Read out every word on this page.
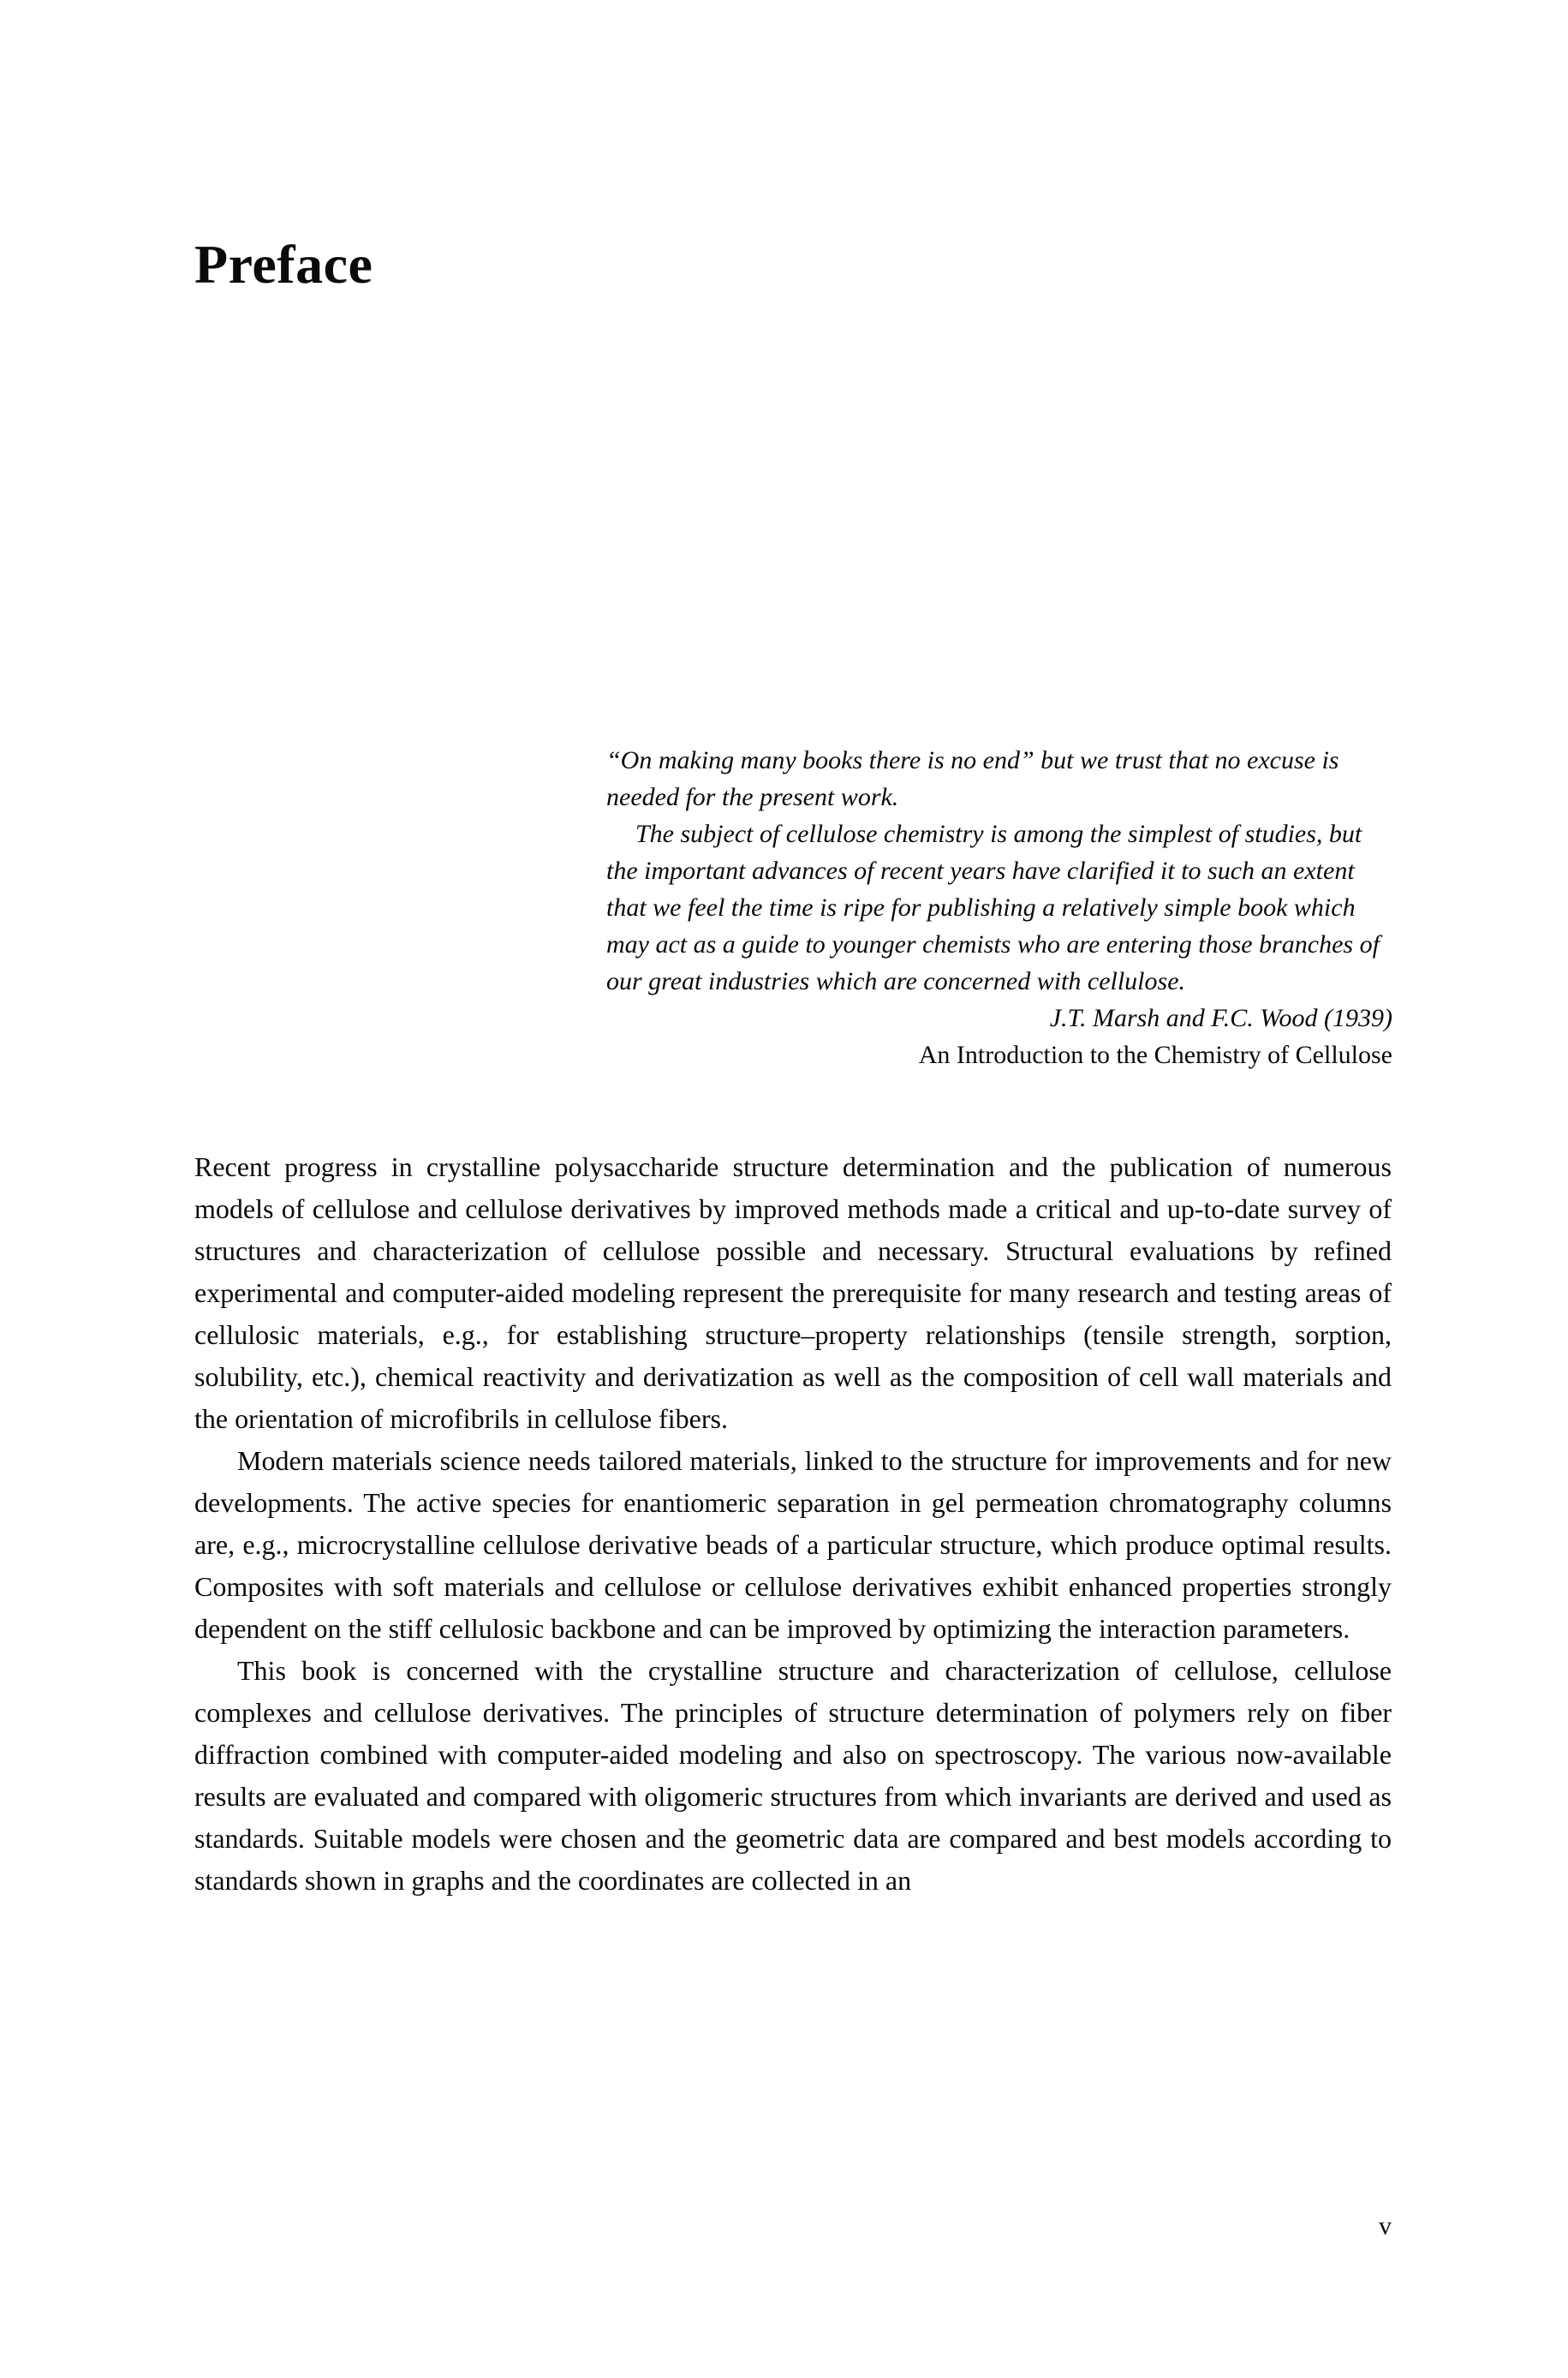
Preface

“On making many books there is no end” but we trust that no excuse is needed for the present work.

The subject of cellulose chemistry is among the simplest of studies, but the important advances of recent years have clarified it to such an extent that we feel the time is ripe for publishing a relatively simple book which may act as a guide to younger chemists who are entering those branches of our great industries which are concerned with cellulose.

J.T. Marsh and F.C. Wood (1939)

An Introduction to the Chemistry of Cellulose

Recent progress in crystalline polysaccharide structure determination and the publication of numerous models of cellulose and cellulose derivatives by improved methods made a critical and up-to-date survey of structures and characterization of cellulose possible and necessary. Structural evaluations by refined experimental and computer-aided modeling represent the prerequisite for many research and testing areas of cellulosic materials, e.g., for establishing structure–property relationships (tensile strength, sorption, solubility, etc.), chemical reactivity and derivatization as well as the composition of cell wall materials and the orientation of microfibrils in cellulose fibers.

Modern materials science needs tailored materials, linked to the structure for improvements and for new developments. The active species for enantiomeric separation in gel permeation chromatography columns are, e.g., microcrystalline cellulose derivative beads of a particular structure, which produce optimal results. Composites with soft materials and cellulose or cellulose derivatives exhibit enhanced properties strongly dependent on the stiff cellulosic backbone and can be improved by optimizing the interaction parameters.

This book is concerned with the crystalline structure and characterization of cellulose, cellulose complexes and cellulose derivatives. The principles of structure determination of polymers rely on fiber diffraction combined with computer-aided modeling and also on spectroscopy. The various now-available results are evaluated and compared with oligomeric structures from which invariants are derived and used as standards. Suitable models were chosen and the geometric data are compared and best models according to standards shown in graphs and the coordinates are collected in an

v
